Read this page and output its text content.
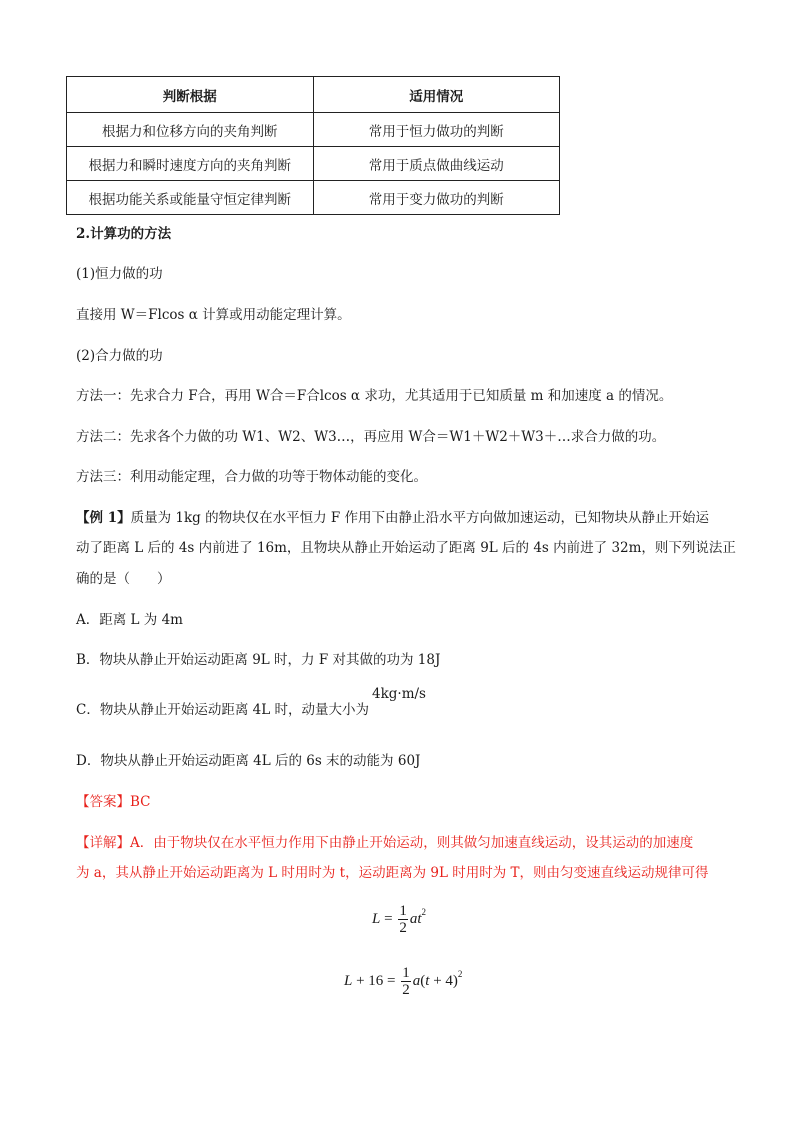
判断根据	适用情况
根据力和位移方向的夹角判断	常用于恒力做功的判断
根据力和瞬时速度方向的夹角判断	常用于质点做曲线运动
根据功能关系或能量守恒定律判断	常用于变力做功的判断
2.计算功的方法
(1)恒力做的功
直接用 W＝Flcos α 计算或用动能定理计算。
(2)合力做的功
方法一：先求合力 F合，再用 W合＝F合lcos α 求功，尤其适用于已知质量 m 和加速度 a 的情况。
方法二：先求各个力做的功 W1、W2、W3…，再应用 W合＝W1＋W2＋W3＋…求合力做的功。
方法三：利用动能定理，合力做的功等于物体动能的变化。
【例 1】质量为 1kg 的物块仅在水平恒力 F 作用下由静止沿水平方向做加速运动，已知物块从静止开始运
动了距离 L 后的 4s 内前进了 16m，且物块从静止开始运动了距离 9L 后的 4s 内前进了 32m，则下列说法正
确的是（　　）
A．距离 L 为 4m
B．物块从静止开始运动距离 9L 时，力 F 对其做的功为 18J
C．物块从静止开始运动距离 4L 时，动量大小为
4kg·m/s
D．物块从静止开始运动距离 4L 后的 6s 末的动能为 60J
【答案】BC
【详解】A．由于物块仅在水平恒力作用下由静止开始运动，则其做匀加速直线运动，设其运动的加速度
为 a，其从静止开始运动距离为 L 时用时为 t，运动距离为 9L 时用时为 T，则由匀变速直线运动规律可得
$L = \frac{1}{2} at^2$
$L + 16 = \frac{1}{2} a(t + 4)^2$
